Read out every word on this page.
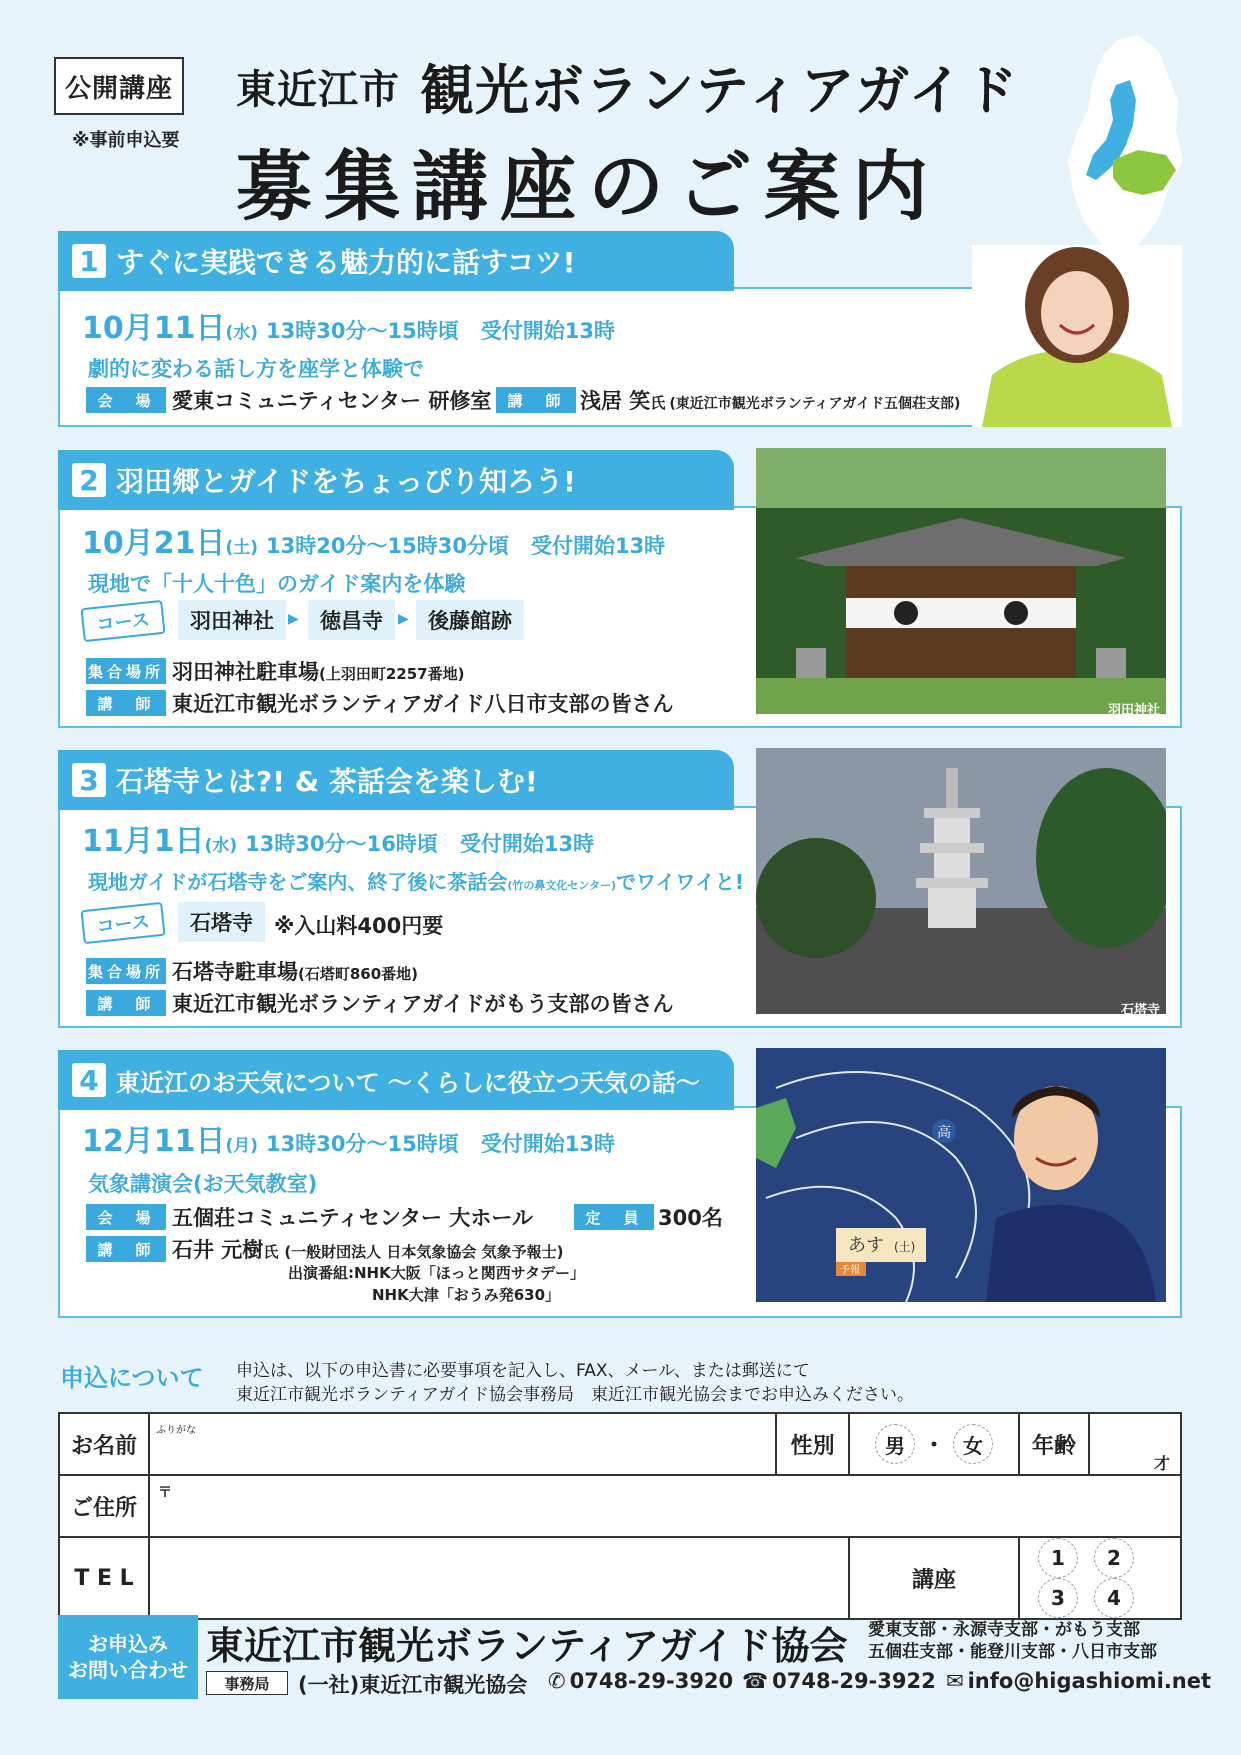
公開講座
※事前申込要
東近江市 観光ボランティアガイド
募集講座のご案内
1 すぐに実践できる魅力的に話すコツ!
10月11日(水) 13時30分〜15時頃 受付開始13時
劇的に変わる話し方を座学と体験で
会　場 愛東コミュニティセンター 研修室	講　師 浅居 笑氏 (東近江市観光ボランティアガイド五個荘支部)
2 羽田郷とガイドをちょっぴり知ろう!
10月21日(土) 13時20分〜15時30分頃 受付開始13時
現地で「十人十色」のガイド案内を体験
コース	羽田神社	▶	徳昌寺	▶ 後藤館跡
集合場所 羽田神社駐車場(上羽田町2257番地)
講　師 東近江市観光ボランティアガイド八日市支部の皆さん	羽田神社
3 石塔寺とは?! & 茶話会を楽しむ!
11月1日(水) 13時30分〜16時頃 受付開始13時
現地ガイドが石塔寺をご案内、終了後に茶話会(竹の鼻文化センター)でワイワイと!
コース	石塔寺	※入山料400円要
集合場所 石塔寺駐車場(石塔町860番地)
講　師 東近江市観光ボランティアガイドがもう支部の皆さん	石塔寺
4 東近江のお天気について 〜くらしに役立つ天気の話〜
12月11日(月) 13時30分〜15時頃 受付開始13時
気象講演会(お天気教室)
会　場 五個荘コミュニティセンター 大ホール	定　員 300名
講　師 石井 元樹氏 (一般財団法人 日本気象協会 気象予報士)
出演番組:NHK大阪「ほっと関西サタデー」
NHK大津「おうみ発630」
高
あす (土)
予報
申込について 申込は、以下の申込書に必要事項を記入し、FAX、メール、または郵送にて
東近江市観光ボランティアガイド協会事務局　東近江市観光協会までお申込みください。
お名前	$^{ふりがな}$	性別	男 ・ 女	年齢	才
ご住所	〒				
T E L			講座	1 23 4	
お申込み
お問い合わせ
東近江市観光ボランティアガイド協会 愛東支部・永源寺支部・がもう支部
五個荘支部・能登川支部・八日市支部
事務局	(一社)東近江市観光協会 ✆ 0748-29-3920 ☎ 0748-29-3922 ✉ info@higashiomi.net
